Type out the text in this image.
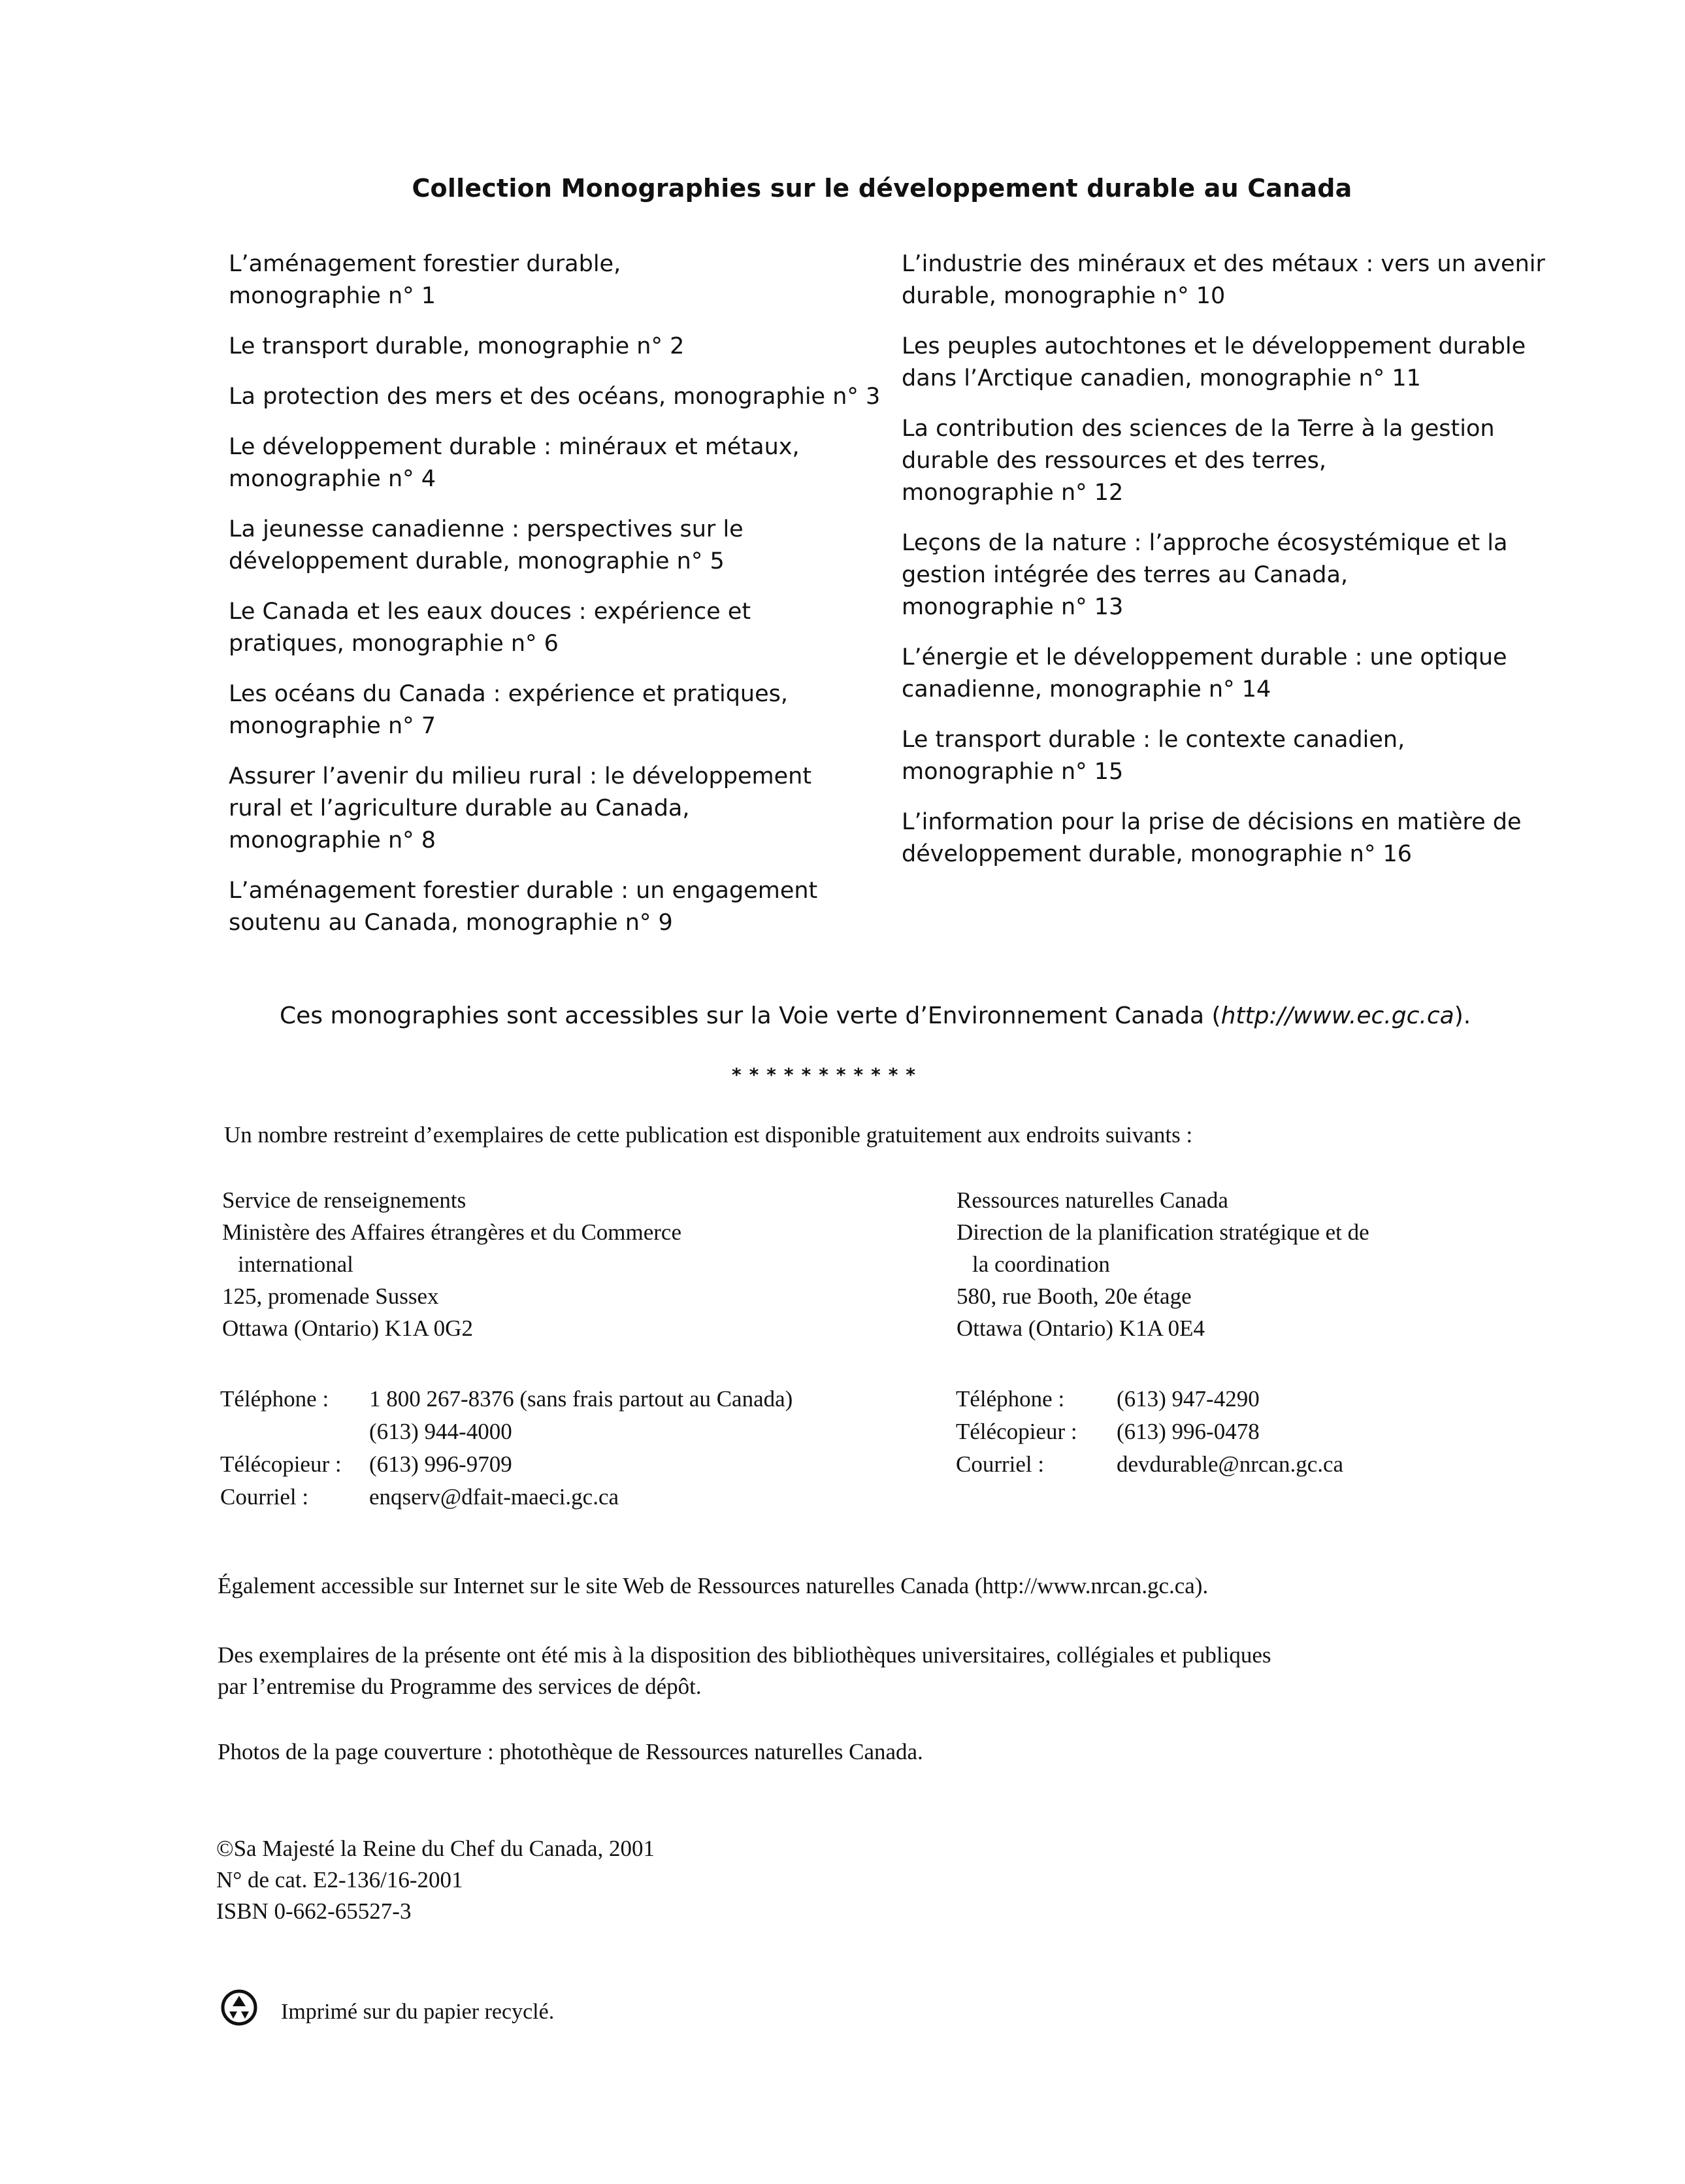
Collection Monographies sur le développement durable au Canada
L’aménagement forestier durable,
monographie n° 1
Le transport durable, monographie n° 2
La protection des mers et des océans, monographie n° 3
Le développement durable : minéraux et métaux,
monographie n° 4
La jeunesse canadienne : perspectives sur le
développement durable, monographie n° 5
Le Canada et les eaux douces : expérience et
pratiques, monographie n° 6
Les océans du Canada : expérience et pratiques,
monographie n° 7
Assurer l’avenir du milieu rural : le développement
rural et l’agriculture durable au Canada,
monographie n° 8
L’aménagement forestier durable : un engagement
soutenu au Canada, monographie n° 9
L’industrie des minéraux et des métaux : vers un avenir
durable, monographie n° 10
Les peuples autochtones et le développement durable
dans l’Arctique canadien, monographie n° 11
La contribution des sciences de la Terre à la gestion
durable des ressources et des terres,
monographie n° 12
Leçons de la nature : l’approche écosystémique et la
gestion intégrée des terres au Canada,
monographie n° 13
L’énergie et le développement durable : une optique
canadienne, monographie n° 14
Le transport durable : le contexte canadien,
monographie n° 15
L’information pour la prise de décisions en matière de
développement durable, monographie n° 16
Ces monographies sont accessibles sur la Voie verte d’Environnement Canada (http://www.ec.gc.ca).
***********
Un nombre restreint d’exemplaires de cette publication est disponible gratuitement aux endroits suivants :
Service de renseignements
Ministère des Affaires étrangères et du Commerce
international
125, promenade Sussex
Ottawa (Ontario) K1A 0G2
Ressources naturelles Canada
Direction de la planification stratégique et de
la coordination
580, rue Booth, 20e étage
Ottawa (Ontario) K1A 0E4
Téléphone :	1 800 267-8376 (sans frais partout au Canada)
(613) 944-4000
Télécopieur :	(613) 996-9709
Courriel :	enqserv@dfait-maeci.gc.ca
Téléphone :	(613) 947-4290
Télécopieur :	(613) 996-0478
Courriel :	devdurable@nrcan.gc.ca
Également accessible sur Internet sur le site Web de Ressources naturelles Canada (http://www.nrcan.gc.ca).
Des exemplaires de la présente ont été mis à la disposition des bibliothèques universitaires, collégiales et publiques
par l’entremise du Programme des services de dépôt.
Photos de la page couverture : photothèque de Ressources naturelles Canada.
©Sa Majesté la Reine du Chef du Canada, 2001
N° de cat. E2-136/16-2001
ISBN 0-662-65527-3
Imprimé sur du papier recyclé.
